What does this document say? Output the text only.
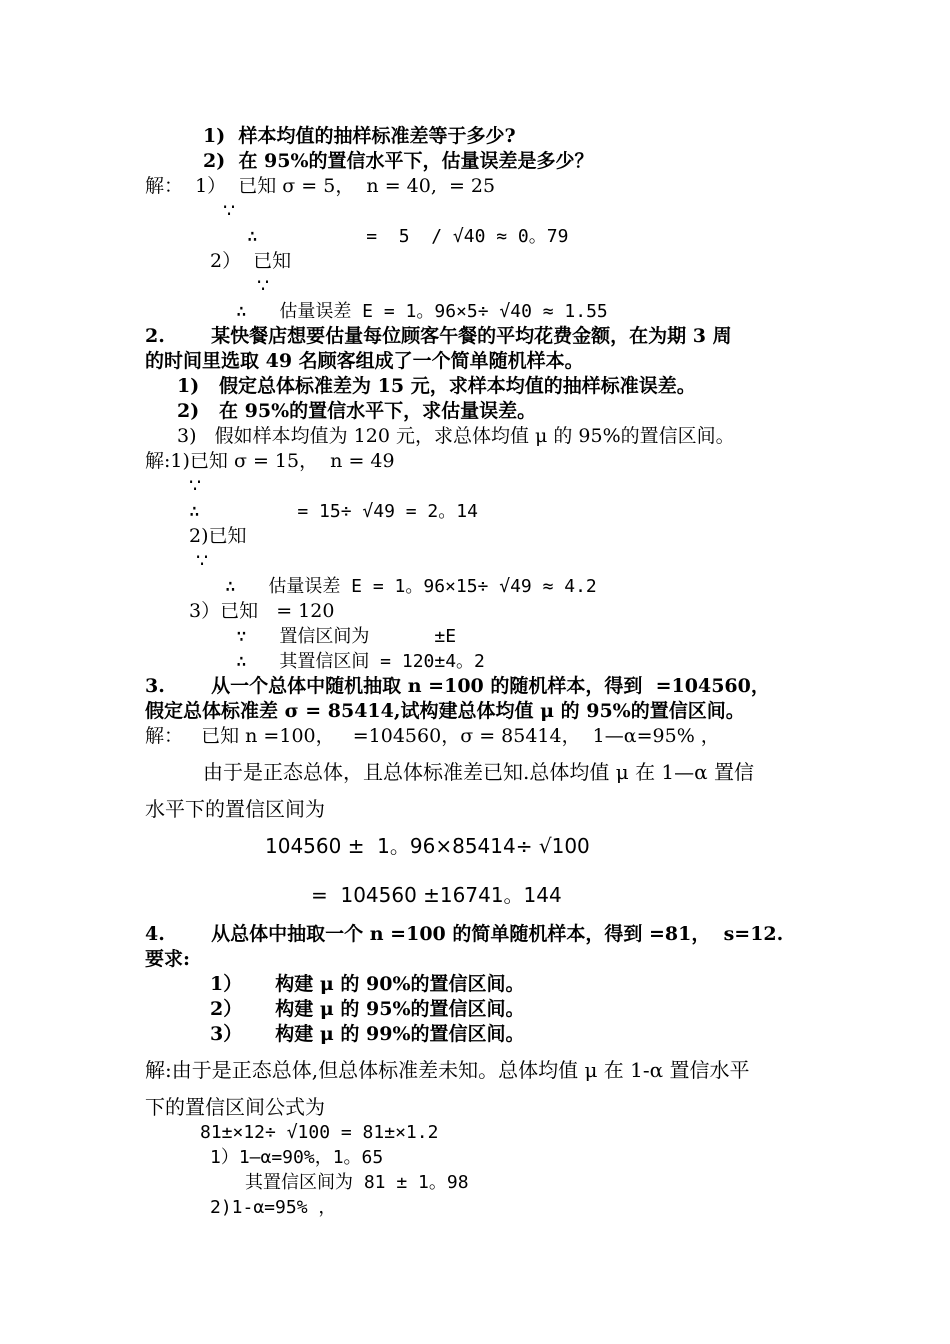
1)  样本均值的抽样标准差等于多少?
2)  在 95%的置信水平下，估量误差是多少？
解：  1）  已知 σ = 5，  n = 40,  = 25
∵
∴          =  5  / √40 ≈ 0。79
2）  已知
∵
∴   估量误差 E = 1。96×5÷ √40 ≈ 1.55
2.       某快餐店想要估量每位顾客午餐的平均花费金额，在为期 3 周
的时间里选取 49 名顾客组成了一个简单随机样本。
1)   假定总体标准差为 15 元，求样本均值的抽样标准误差。
2)   在 95%的置信水平下，求估量误差。
3)   假如样本均值为 120 元，求总体均值 μ 的 95%的置信区间。
解:1)已知 σ = 15，  n = 49
∵
∴         = 15÷ √49 = 2。14
2)已知
∵
∴   估量误差 E = 1。96×15÷ √49 ≈ 4.2
3）已知   = 120
∵   置信区间为      ±E
∴   其置信区间 = 120±4。2
3.       从一个总体中随机抽取 n =100 的随机样本，得到  =104560，
假定总体标准差 σ = 85414,试构建总体均值 μ 的 95%的置信区间。
解：   已知 n =100，   =104560，σ = 85414，  1—α=95% ，
由于是正态总体，且总体标准差已知.总体均值 μ 在 1—α 置信
水平下的置信区间为
104560 ±  1。96×85414÷ √100
=  104560 ±16741。144
4.       从总体中抽取一个 n =100 的简单随机样本，得到 =81，  s=12.
要求:
1）     构建 μ 的 90%的置信区间。
2）     构建 μ 的 95%的置信区间。
3）     构建 μ 的 99%的置信区间。
解:由于是正态总体,但总体标准差未知。总体均值 μ 在 1-α 置信水平
下的置信区间公式为
81±×12÷ √100 = 81±×1.2
1）1—α=90%，1。65
其置信区间为 81 ± 1。98
2)1-α=95% ，
